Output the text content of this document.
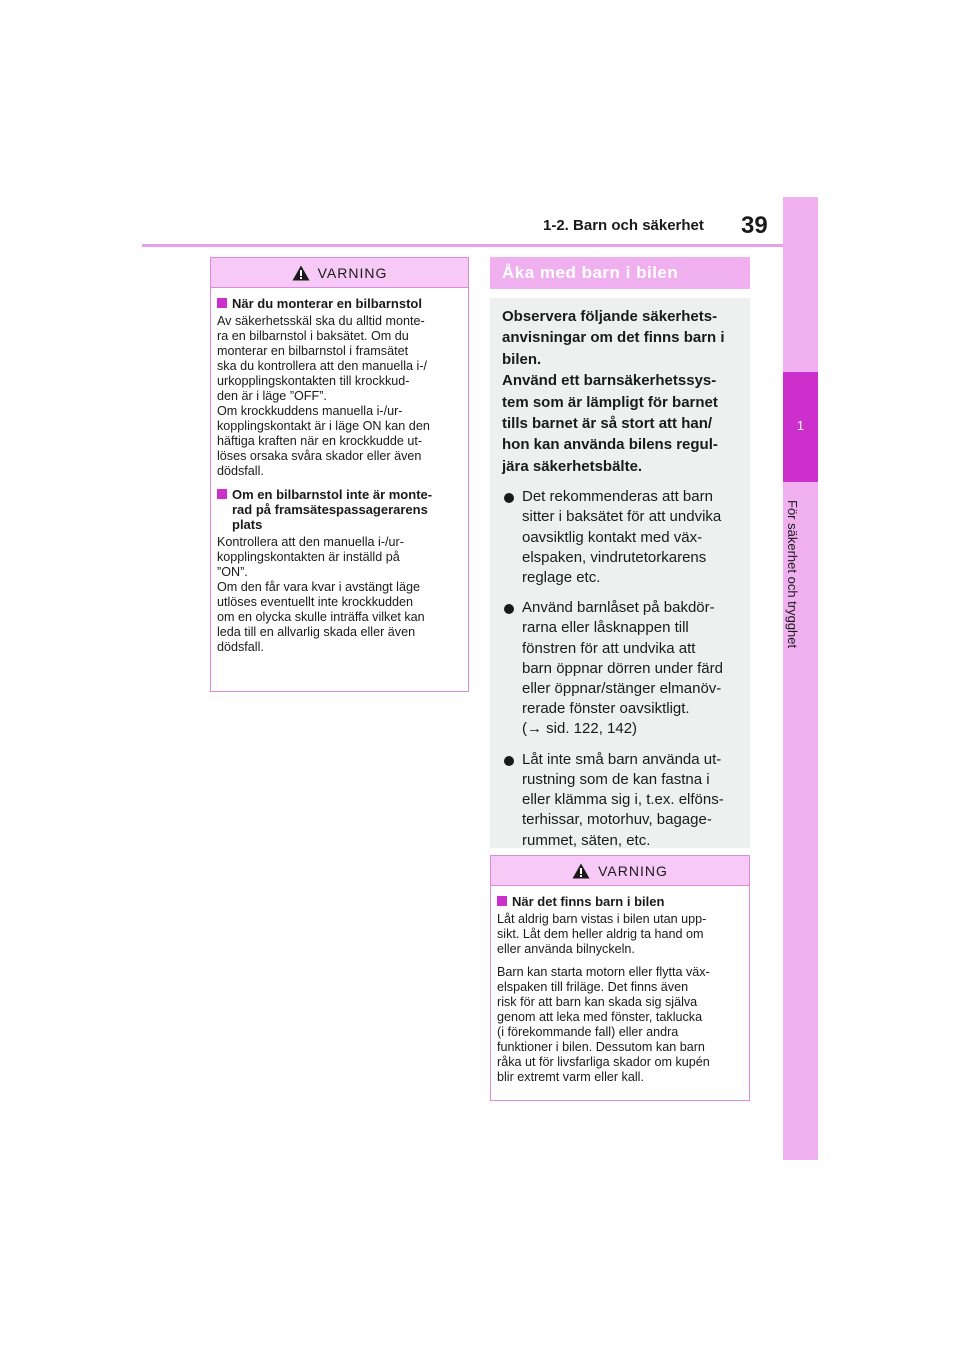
1-2. Barn och säkerhet 39
1
För säkerhet och trygghet
VARNING
När du monterar en bilbarnstol

Av säkerhetsskäl ska du alltid monte-
ra en bilbarnstol i baksätet. Om du
monterar en bilbarnstol i framsätet
ska du kontrollera att den manuella i-/
urkopplingskontakten till krockkud-
den är i läge ”OFF”.
Om krockkuddens manuella i-/ur-
kopplingskontakt är i läge ON kan den
häftiga kraften när en krockkudde ut-
löses orsaka svåra skador eller även
dödsfall.

Om en bilbarnstol inte är monte-
rad på framsätespassagerarens
plats

Kontrollera att den manuella i-/ur-
kopplingskontakten är inställd på
”ON”.
Om den får vara kvar i avstängt läge
utlöses eventuellt inte krockkudden
om en olycka skulle inträffa vilket kan
leda till en allvarlig skada eller även
dödsfall.

Åka med barn i bilen

Observera följande säkerhets-
anvisningar om det finns barn i
bilen.
Använd ett barnsäkerhetssys-
tem som är lämpligt för barnet
tills barnet är så stort att han/
hon kan använda bilens regul-
jära säkerhetsbälte.

Det rekommenderas att barn
sitter i baksätet för att undvika
oavsiktlig kontakt med väx-
elspaken, vindrutetorkarens
reglage etc.
Använd barnlåset på bakdör-
rarna eller låsknappen till
fönstren för att undvika att
barn öppnar dörren under färd
eller öppnar/stänger elmanöv-
rerade fönster oavsiktligt.
(→ sid. 122, 142)
Låt inte små barn använda ut-
rustning som de kan fastna i
eller klämma sig i, t.ex. elföns-
terhissar, motorhuv, bagage-
rummet, säten, etc.
VARNING
När det finns barn i bilen

Låt aldrig barn vistas i bilen utan upp-
sikt. Låt dem heller aldrig ta hand om
eller använda bilnyckeln.

Barn kan starta motorn eller flytta väx-
elspaken till friläge. Det finns även
risk för att barn kan skada sig själva
genom att leka med fönster, taklucka
(i förekommande fall) eller andra
funktioner i bilen. Dessutom kan barn
råka ut för livsfarliga skador om kupén
blir extremt varm eller kall.
